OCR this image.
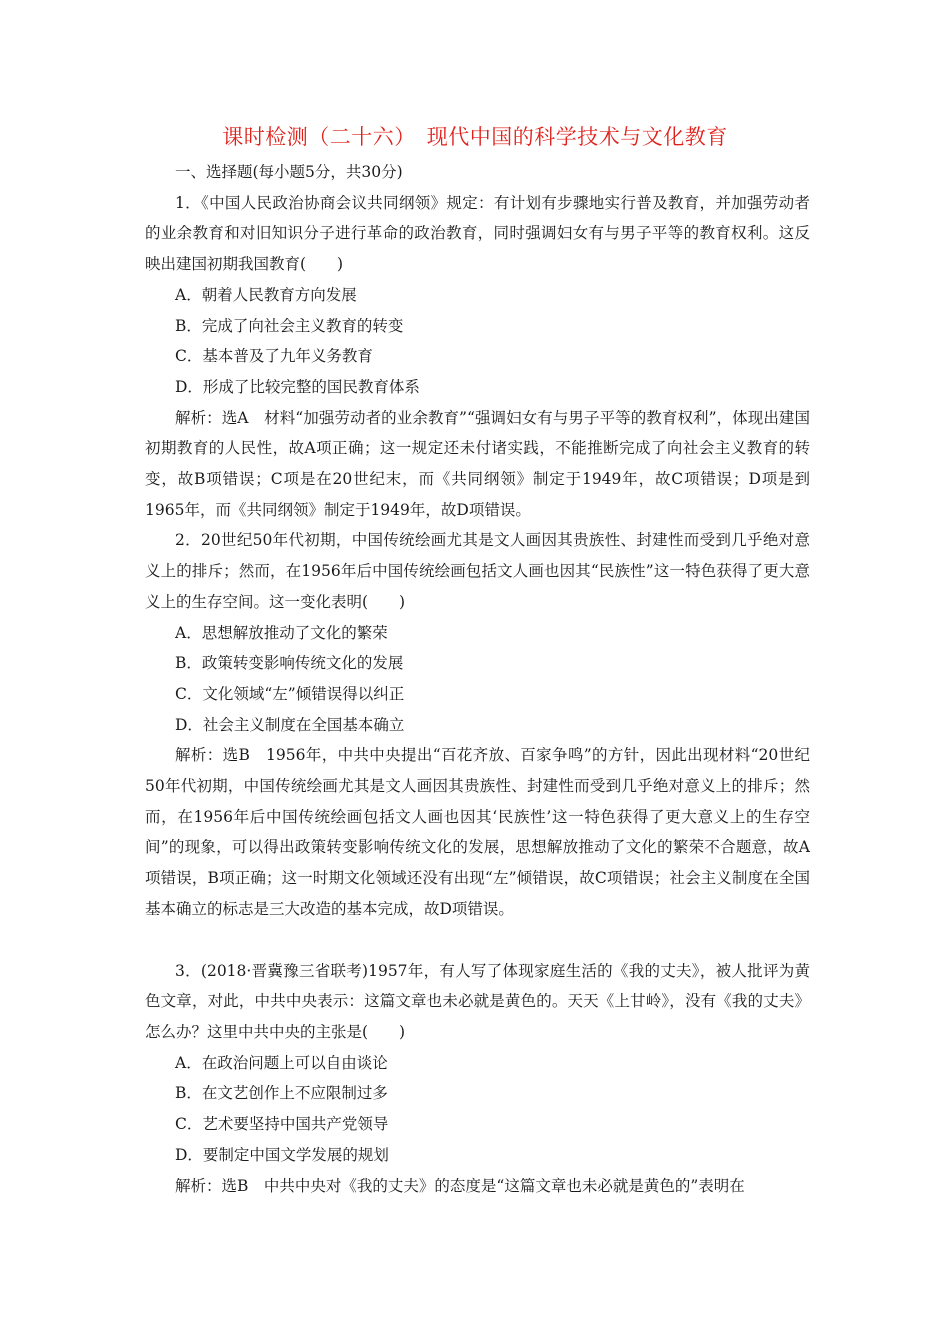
课时检测（二十六）　现代中国的科学技术与文化教育

一、选择题(每小题5分，共30分)

1．《中国人民政治协商会议共同纲领》规定：有计划有步骤地实行普及教育，并加强劳动者的业余教育和对旧知识分子进行革命的政治教育，同时强调妇女有与男子平等的教育权利。这反映出建国初期我国教育(　　)

A．朝着人民教育方向发展

B．完成了向社会主义教育的转变

C．基本普及了九年义务教育

D．形成了比较完整的国民教育体系

解析：选A　材料“加强劳动者的业余教育”“强调妇女有与男子平等的教育权利”，体现出建国初期教育的人民性，故A项正确；这一规定还未付诸实践，不能推断完成了向社会主义教育的转变，故B项错误；C项是在20世纪末，而《共同纲领》制定于1949年，故C项错误；D项是到1965年，而《共同纲领》制定于1949年，故D项错误。

2．20世纪50年代初期，中国传统绘画尤其是文人画因其贵族性、封建性而受到几乎绝对意义上的排斥；然而，在1956年后中国传统绘画包括文人画也因其“民族性”这一特色获得了更大意义上的生存空间。这一变化表明(　　)

A．思想解放推动了文化的繁荣

B．政策转变影响传统文化的发展

C．文化领域“左”倾错误得以纠正

D．社会主义制度在全国基本确立

解析：选B　1956年，中共中央提出“百花齐放、百家争鸣”的方针，因此出现材料“20世纪50年代初期，中国传统绘画尤其是文人画因其贵族性、封建性而受到几乎绝对意义上的排斥；然而，在1956年后中国传统绘画包括文人画也因其‘民族性’这一特色获得了更大意义上的生存空间”的现象，可以得出政策转变影响传统文化的发展，思想解放推动了文化的繁荣不合题意，故A项错误，B项正确；这一时期文化领域还没有出现“左”倾错误，故C项错误；社会主义制度在全国基本确立的标志是三大改造的基本完成，故D项错误。

3．(2018·晋冀豫三省联考)1957年，有人写了体现家庭生活的《我的丈夫》，被人批评为黄色文章，对此，中共中央表示：这篇文章也未必就是黄色的。天天《上甘岭》，没有《我的丈夫》怎么办？这里中共中央的主张是(　　)

A．在政治问题上可以自由谈论

B．在文艺创作上不应限制过多

C．艺术要坚持中国共产党领导

D．要制定中国文学发展的规划

解析：选B　中共中央对《我的丈夫》的态度是“这篇文章也未必就是黄色的”表明在
